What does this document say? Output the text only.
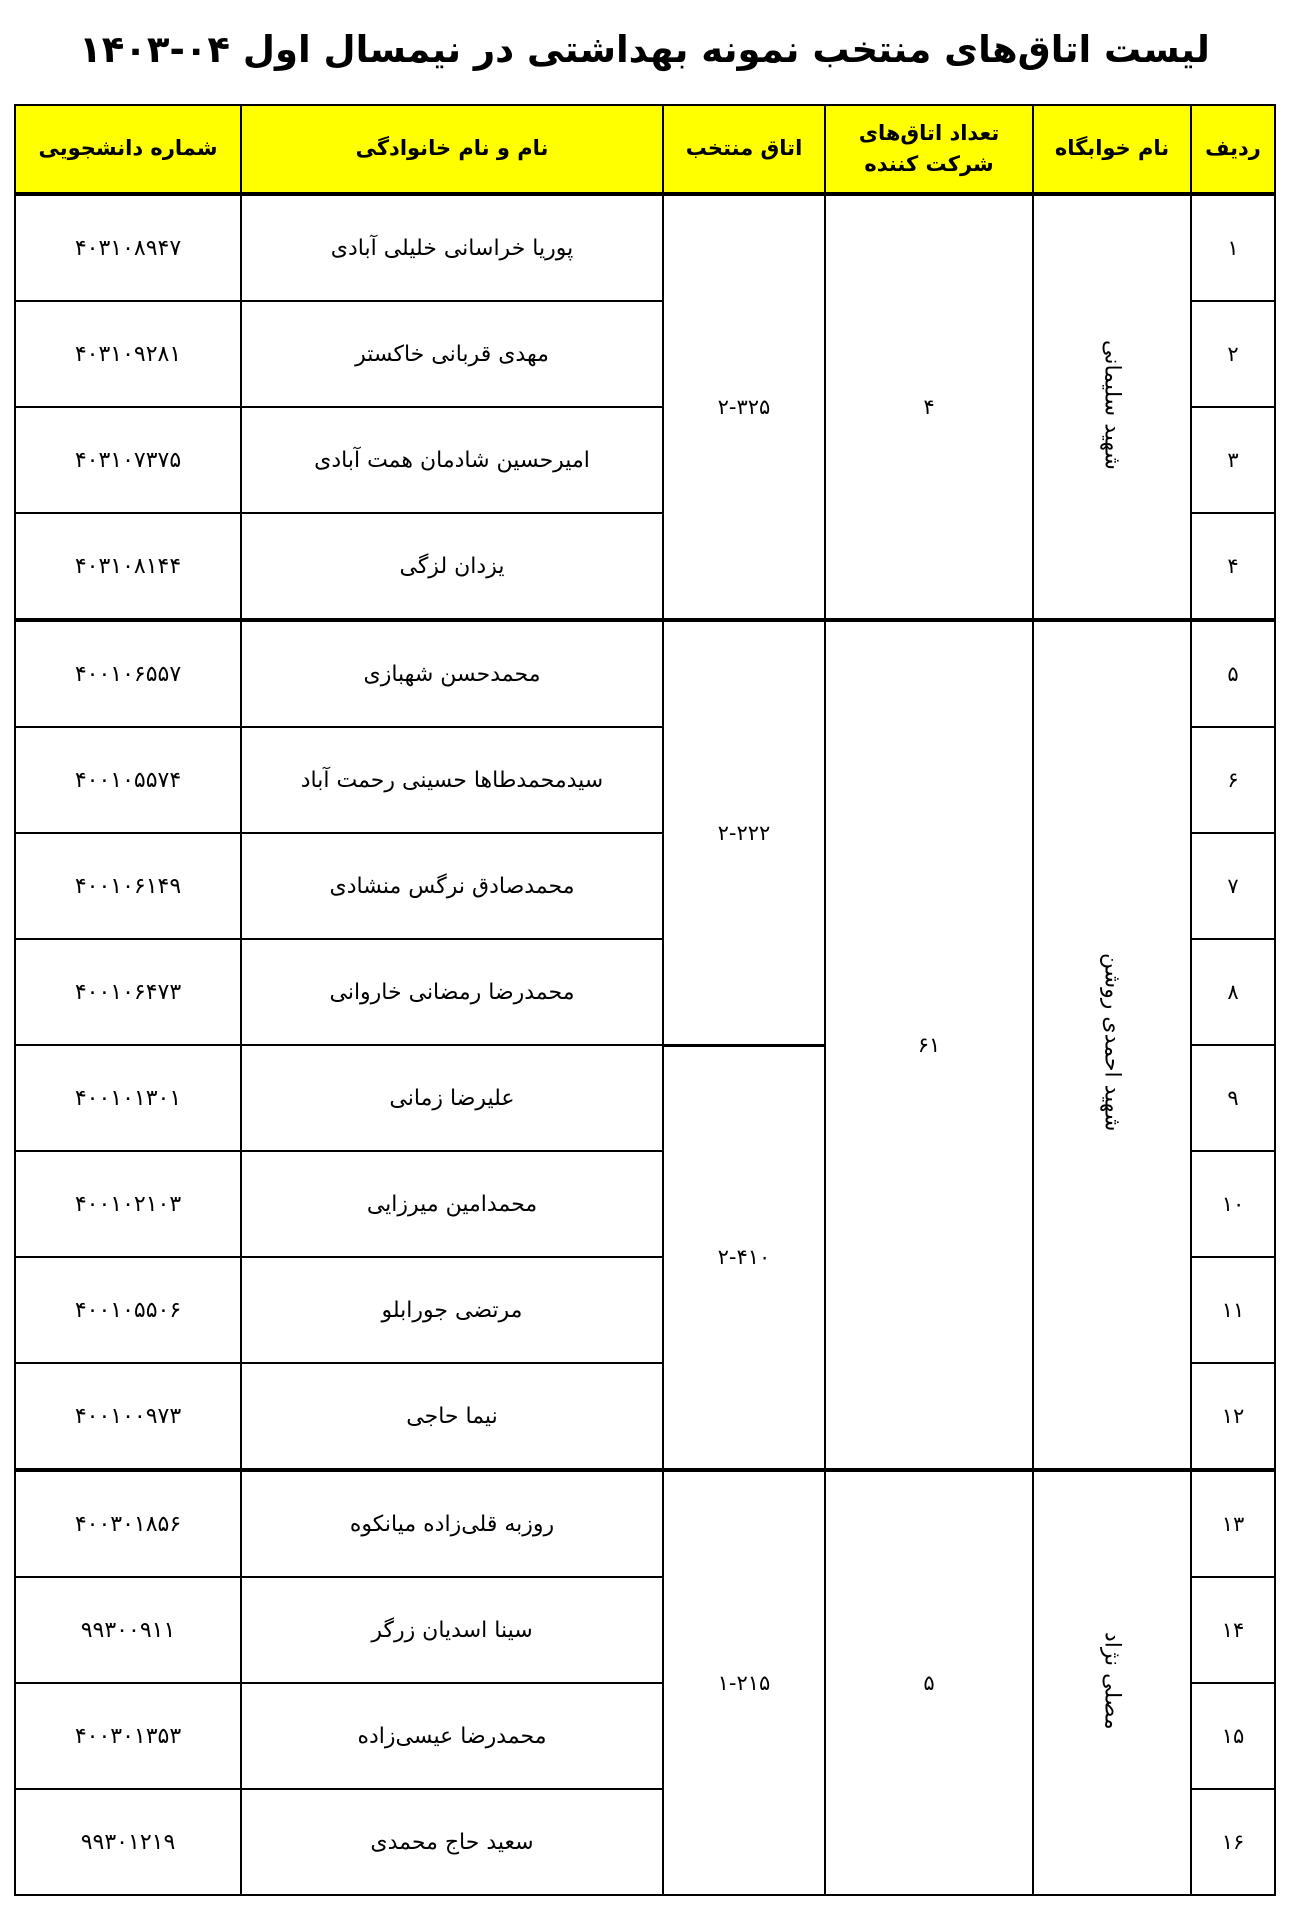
لیست اتاق‌های منتخب نمونه بهداشتی در نیمسال اول ۰۴-۱۴۰۳
ردیف	نام خوابگاه	تعداد اتاق‌های شرکت کننده	اتاق منتخب	نام و نام خانوادگی	شماره دانشجویی
۱	شهید سلیمانی	۴	۲-۳۲۵	پوریا خراسانی خلیلی آبادی	۴۰۳۱۰۸۹۴۷
۲				مهدی قربانی خاکستر	۴۰۳۱۰۹۲۸۱
۳				امیرحسین شادمان همت آبادی	۴۰۳۱۰۷۳۷۵
۴				یزدان لزگی	۴۰۳۱۰۸۱۴۴
۵	شهید احمدی روشن	۶۱	۲-۲۲۲	محمدحسن شهبازی	۴۰۰۱۰۶۵۵۷
۶				سیدمحمدطاها حسینی رحمت آباد	۴۰۰۱۰۵۵۷۴
۷				محمدصادق نرگس منشادی	۴۰۰۱۰۶۱۴۹
۸				محمدرضا رمضانی خاروانی	۴۰۰۱۰۶۴۷۳
۹			۲-۴۱۰	علیرضا زمانی	۴۰۰۱۰۱۳۰۱
۱۰				محمدامین میرزایی	۴۰۰۱۰۲۱۰۳
۱۱				مرتضی جورابلو	۴۰۰۱۰۵۵۰۶
۱۲				نیما حاجی	۴۰۰۱۰۰۹۷۳
۱۳	مصلی نژاد	۵	۱-۲۱۵	روزبه قلی‌زاده میانکوه	۴۰۰۳۰۱۸۵۶
۱۴				سینا اسدیان زرگر	۹۹۳۰۰۹۱۱
۱۵				محمدرضا عیسی‌زاده	۴۰۰۳۰۱۳۵۳
۱۶				سعید حاج محمدی	۹۹۳۰۱۲۱۹
